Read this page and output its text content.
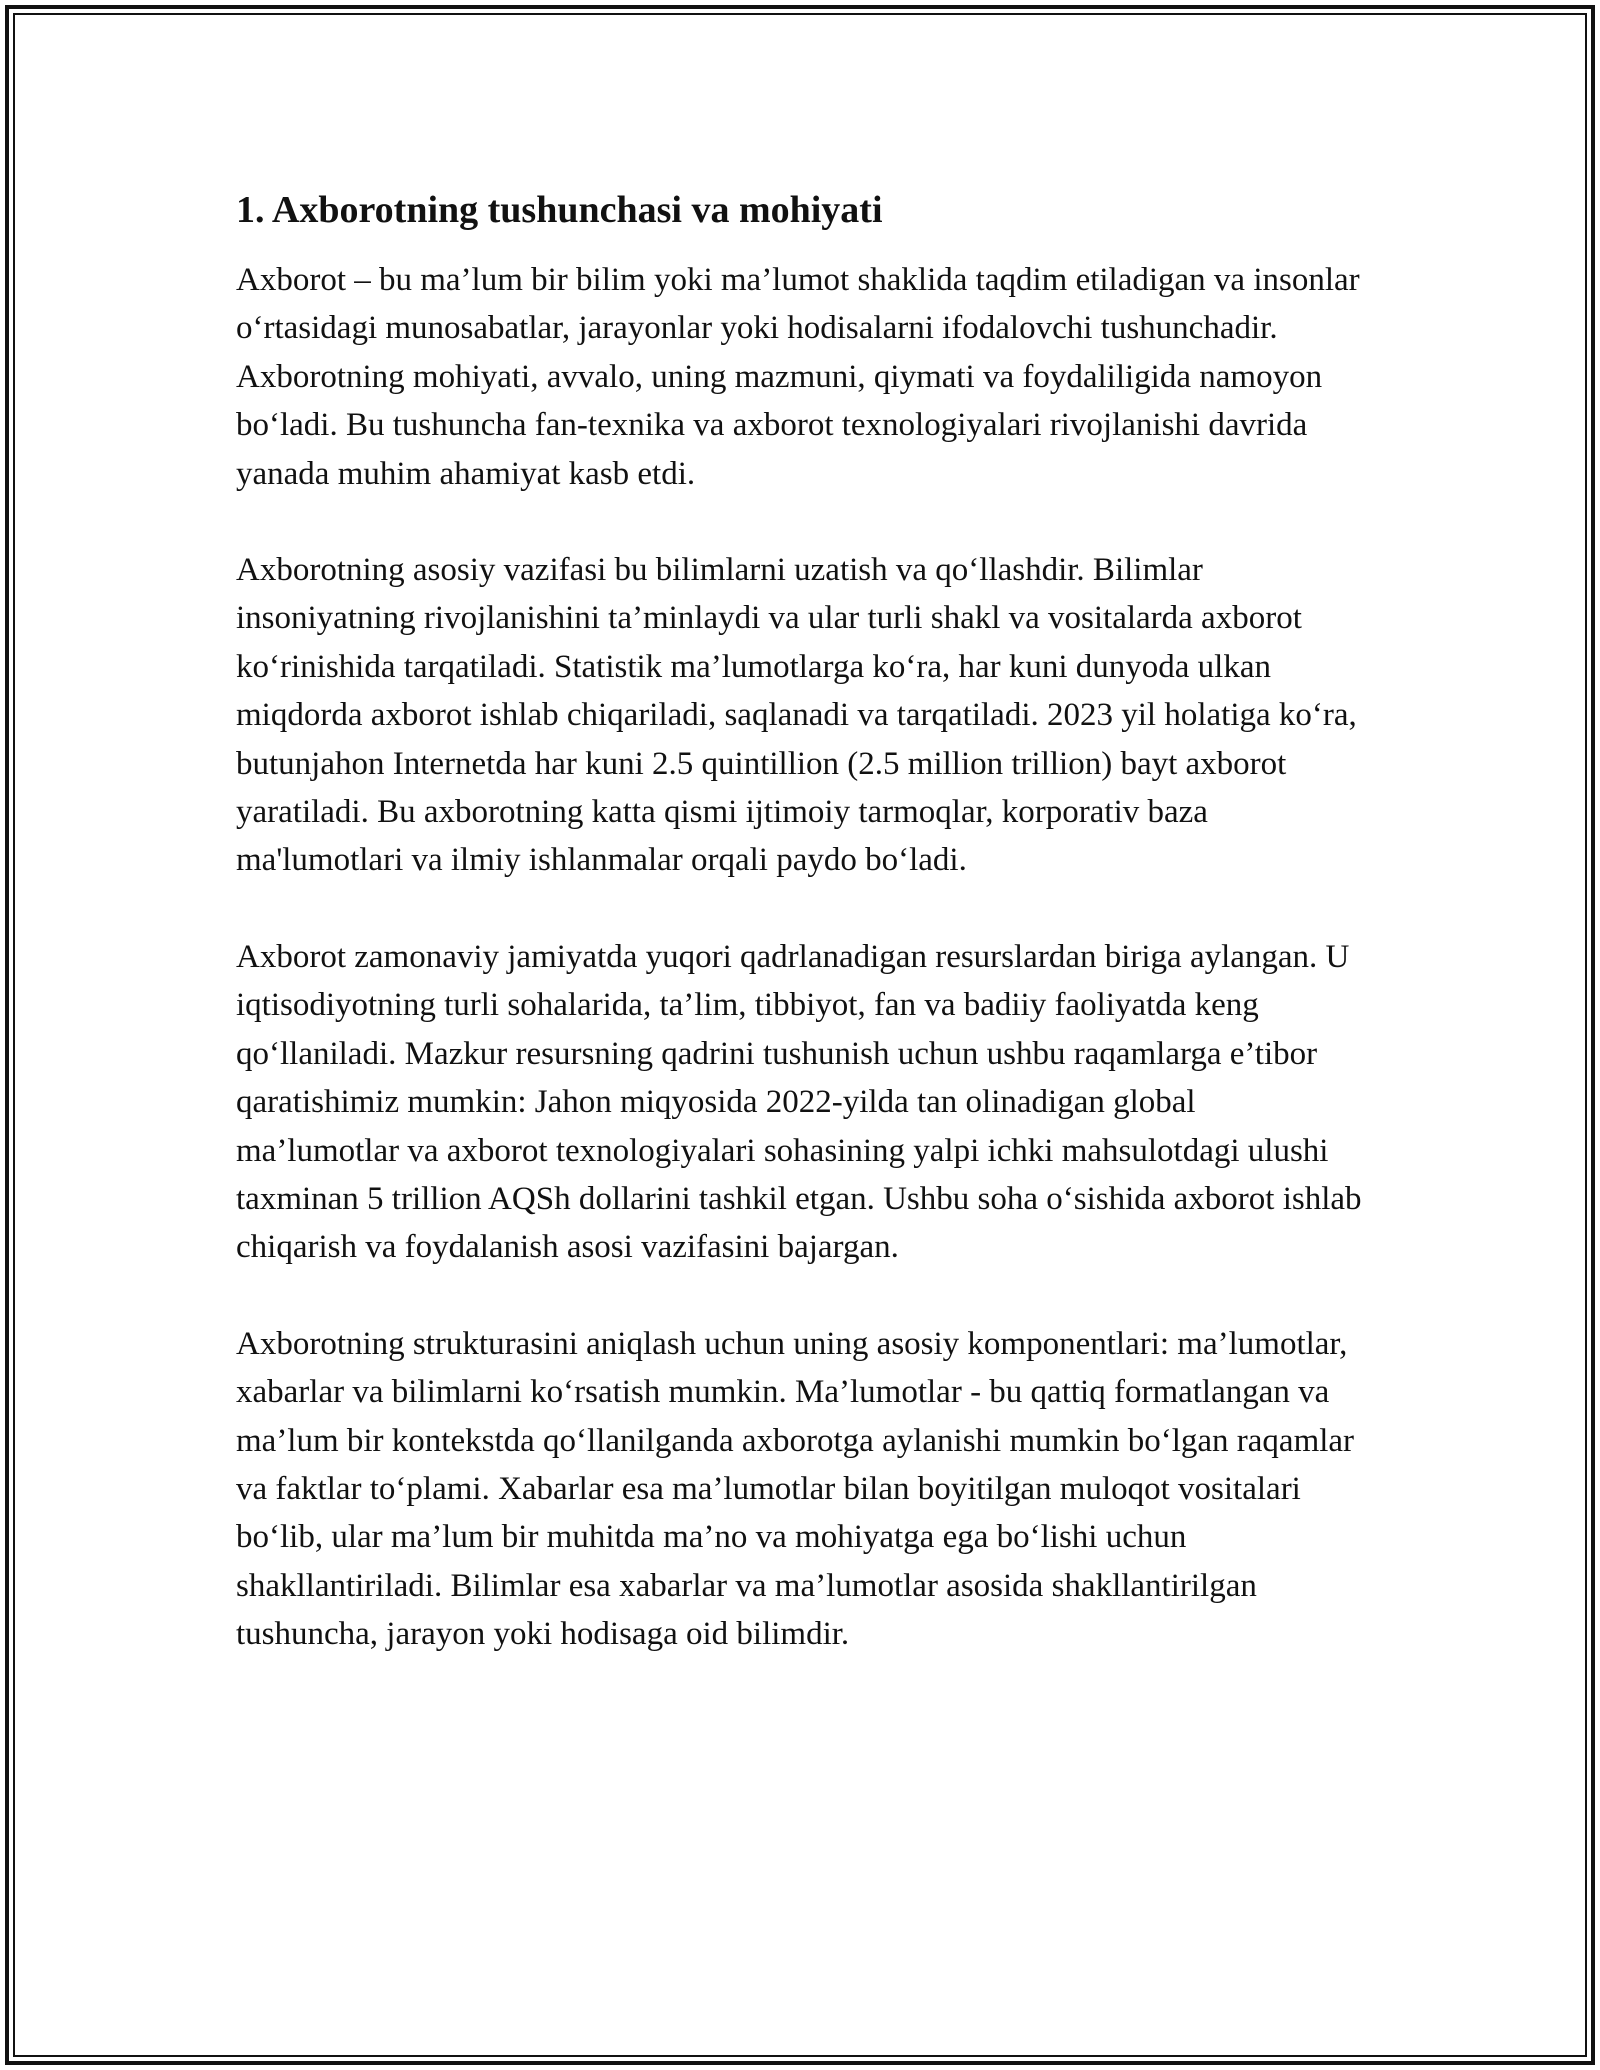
1. Axborotning tushunchasi va mohiyati

Axborot – bu ma’lum bir bilim yoki ma’lumot shaklida taqdim etiladigan va insonlar o‘rtasidagi munosabatlar, jarayonlar yoki hodisalarni ifodalovchi tushunchadir. Axborotning mohiyati, avvalo, uning mazmuni, qiymati va foydaliligida namoyon bo‘ladi. Bu tushuncha fan-texnika va axborot texnologiyalari rivojlanishi davrida yanada muhim ahamiyat kasb etdi.

Axborotning asosiy vazifasi bu bilimlarni uzatish va qo‘llashdir. Bilimlar insoniyatning rivojlanishini ta’minlaydi va ular turli shakl va vositalarda axborot ko‘rinishida tarqatiladi. Statistik ma’lumotlarga ko‘ra, har kuni dunyoda ulkan miqdorda axborot ishlab chiqariladi, saqlanadi va tarqatiladi. 2023 yil holatiga ko‘ra, butunjahon Internetda har kuni 2.5 quintillion (2.5 million trillion) bayt axborot yaratiladi. Bu axborotning katta qismi ijtimoiy tarmoqlar, korporativ baza ma'lumotlari va ilmiy ishlanmalar orqali paydo bo‘ladi.

Axborot zamonaviy jamiyatda yuqori qadrlanadigan resurslardan biriga aylangan. U iqtisodiyotning turli sohalarida, ta’lim, tibbiyot, fan va badiiy faoliyatda keng qo‘llaniladi. Mazkur resursning qadrini tushunish uchun ushbu raqamlarga e’tibor qaratishimiz mumkin: Jahon miqyosida 2022-yilda tan olinadigan global ma’lumotlar va axborot texnologiyalari sohasining yalpi ichki mahsulotdagi ulushi taxminan 5 trillion AQSh dollarini tashkil etgan. Ushbu soha o‘sishida axborot ishlab chiqarish va foydalanish asosi vazifasini bajargan.

Axborotning strukturasini aniqlash uchun uning asosiy komponentlari: ma’lumotlar, xabarlar va bilimlarni ko‘rsatish mumkin. Ma’lumotlar - bu qattiq formatlangan va ma’lum bir kontekstda qo‘llanilganda axborotga aylanishi mumkin bo‘lgan raqamlar va faktlar to‘plami. Xabarlar esa ma’lumotlar bilan boyitilgan muloqot vositalari bo‘lib, ular ma’lum bir muhitda ma’no va mohiyatga ega bo‘lishi uchun shakllantiriladi. Bilimlar esa xabarlar va ma’lumotlar asosida shakllantirilgan tushuncha, jarayon yoki hodisaga oid bilimdir.
